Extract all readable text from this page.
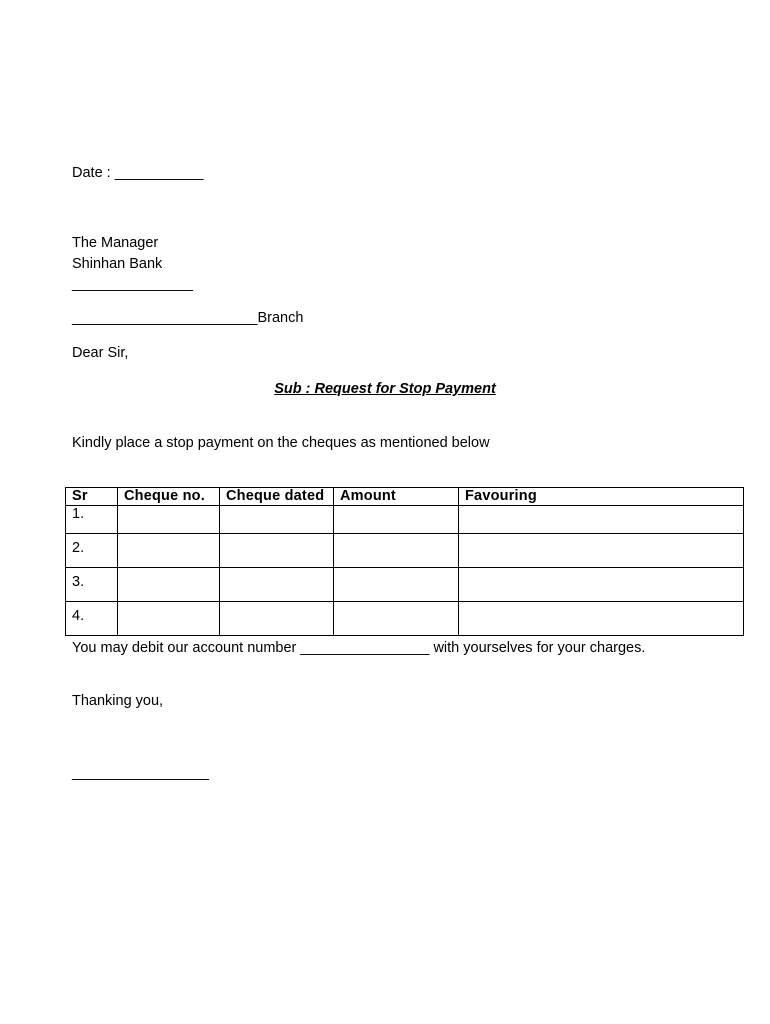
Date : ___________
The Manager
Shinhan Bank
_______________
_______________________Branch
Dear Sir,
Sub : Request for Stop Payment
Kindly place a stop payment on the cheques as mentioned below
Sr	Cheque no.	Cheque dated	Amount	Favouring
1.				
2.				
3.				
4.				
You may debit our account number ________________ with yourselves for your charges.
Thanking you,
_________________
